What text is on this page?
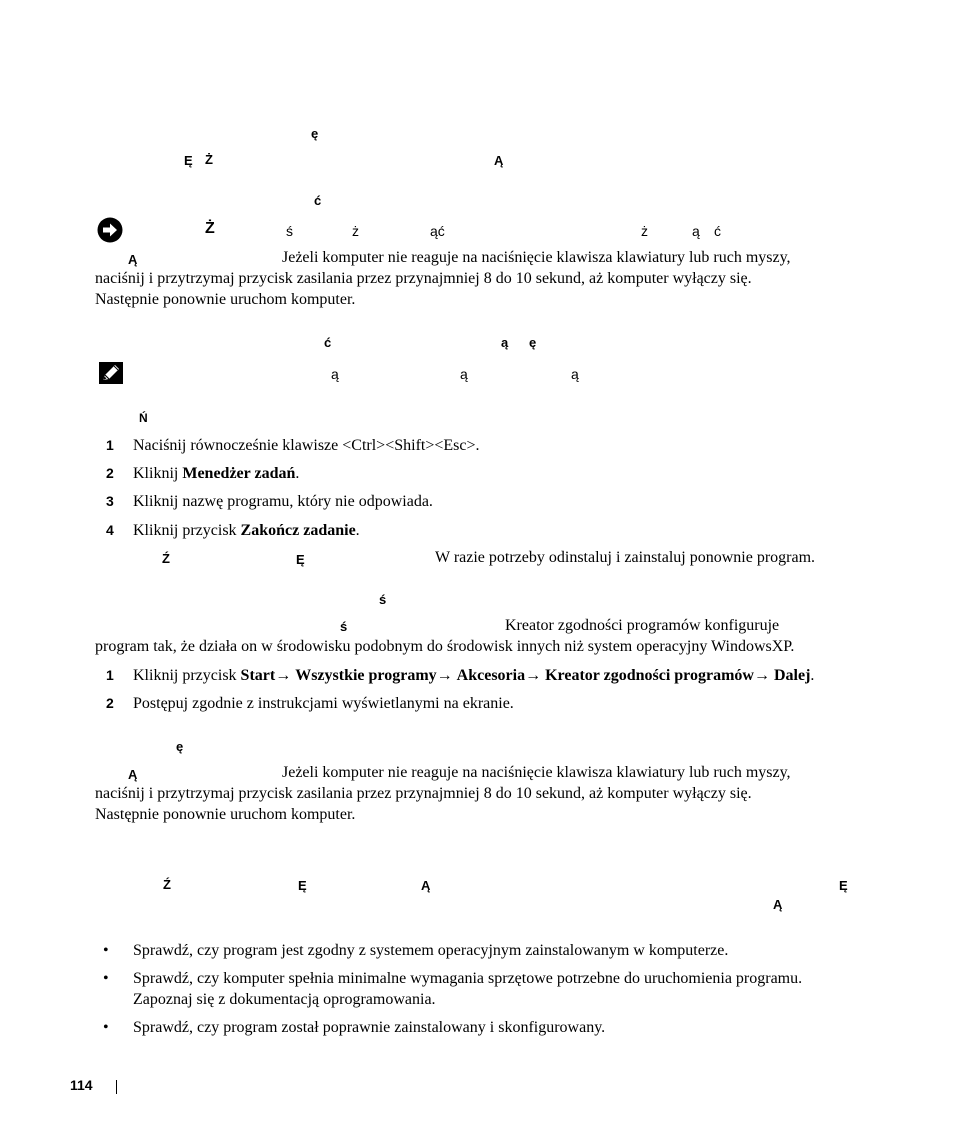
ę
Ę Ż	Ą
ć
Ż	ś	ż	ąć	ż	ą ć
Ą	Jeżeli komputer nie reaguje na naciśnięcie klawisza klawiatury lub ruch myszy,
naciśnij i przytrzymaj przycisk zasilania przez przynajmniej 8 do 10 sekund, aż komputer wyłączy się.
Następnie ponownie uruchom komputer.
ć	ą ę
ą	ą	ą
Ń
1 Naciśnij równocześnie klawisze <Ctrl><Shift><Esc>.
2 Kliknij Menedżer zadań.
3 Kliknij nazwę programu, który nie odpowiada.
4 Kliknij przycisk Zakończ zadanie.
Ź	Ę	W razie potrzeby odinstaluj i zainstaluj ponownie program.
ś
ś	Kreator zgodności programów konfiguruje
program tak, że działa on w środowisku podobnym do środowisk innych niż system operacyjny WindowsXP.
1 Kliknij przycisk Start→ Wszystkie programy→ Akcesoria→ Kreator zgodności programów→ Dalej.
2 Postępuj zgodnie z instrukcjami wyświetlanymi na ekranie.
ę
Ą	Jeżeli komputer nie reaguje na naciśnięcie klawisza klawiatury lub ruch myszy,
naciśnij i przytrzymaj przycisk zasilania przez przynajmniej 8 do 10 sekund, aż komputer wyłączy się.
Następnie ponownie uruchom komputer.
Ź	Ę	Ą	Ę
Ą
• Sprawdź, czy program jest zgodny z systemem operacyjnym zainstalowanym w komputerze.
• Sprawdź, czy komputer spełnia minimalne wymagania sprzętowe potrzebne do uruchomienia programu.
Zapoznaj się z dokumentacją oprogramowania.
• Sprawdź, czy program został poprawnie zainstalowany i skonfigurowany.
114
